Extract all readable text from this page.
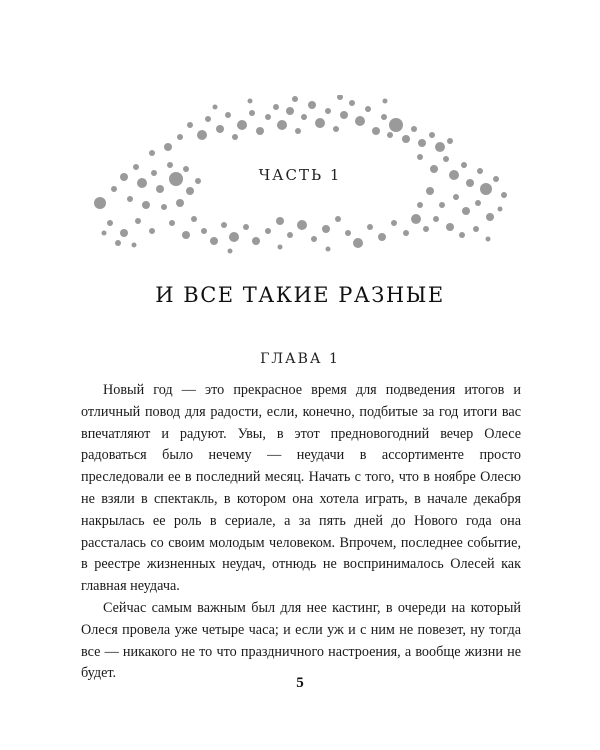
ЧАСТЬ 1
И ВСЕ ТАКИЕ РАЗНЫЕ
ГЛАВА 1

Новый год — это прекрасное время для подведения итогов и отличный повод для радости, если, конечно, подбитые за год итоги вас впечатляют и радуют. Увы, в этот предновогодний вечер Олесе радоваться было нечему — неудачи в ассортименте просто преследовали ее в последний месяц. Начать с того, что в ноябре Олесю не взяли в спектакль, в котором она хотела играть, в начале декабря накрылась ее роль в сериале, а за пять дней до Нового года она рассталась со своим молодым человеком. Впрочем, последнее событие, в реестре жизненных неудач, отнюдь не воспринималось Олесей как главная неудача.

Сейчас самым важным был для нее кастинг, в очереди на который Олеся провела уже четыре часа; и если уж и с ним не повезет, ну тогда все — никакого не то что праздничного настроения, а вообще жизни не будет.

5
